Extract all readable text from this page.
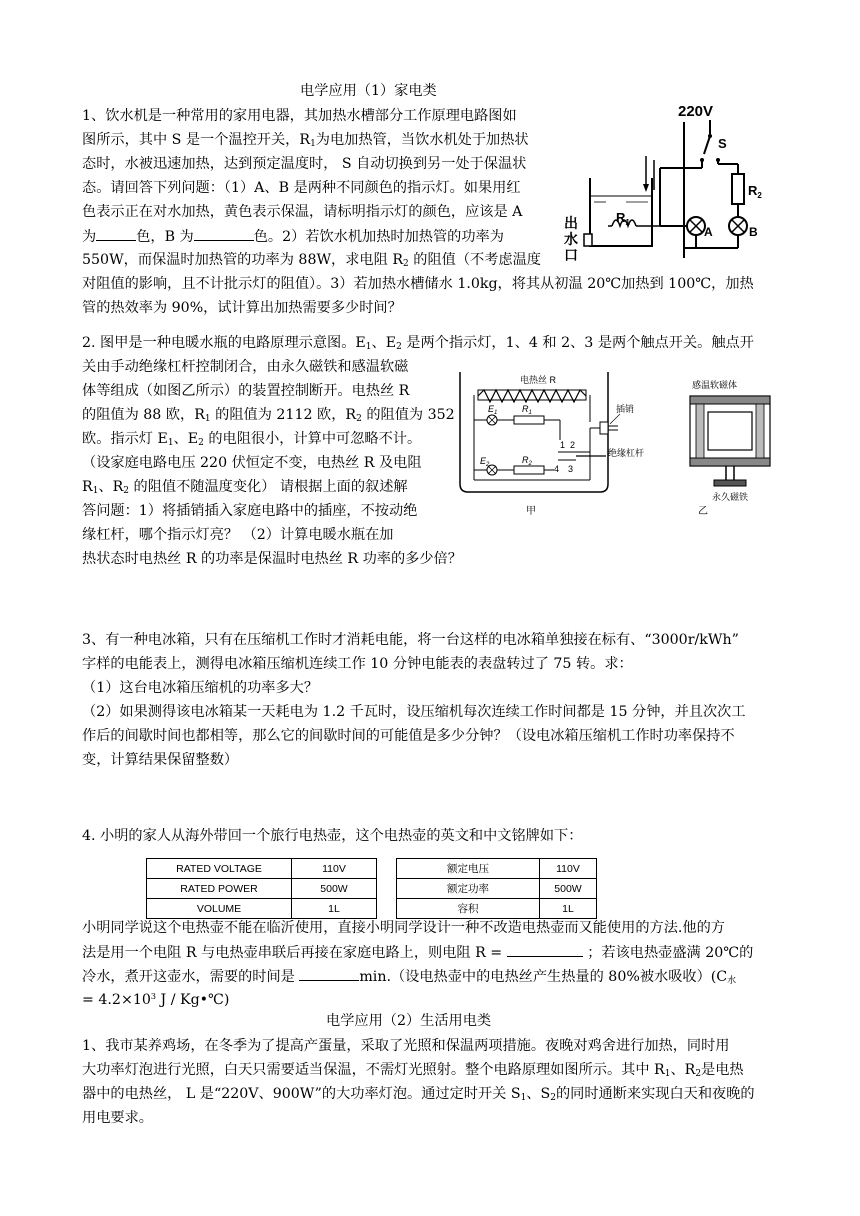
电学应用（1）家电类
1、饮水机是一种常用的家用电器，其加热水槽部分工作原理电路图如
图所示，其中 S 是一个温控开关，$R_1$为电加热管，当饮水机处于加热状
态时，水被迅速加热，达到预定温度时， S 自动切换到另一处于保温状
态。请回答下列问题：（1）A、B 是两种不同颜色的指示灯。如果用红
色表示正在对水加热，黄色表示保温，请标明指示灯的颜色，应该是 A
为	色，B 为	色。2）若饮水机加热时加热管的功率为
550W，而保温时加热管的功率为 88W，求电阻 $R_2$ 的阻值（不考虑温度
对阻值的影响，且不计批示灯的阻值）。3）若加热水槽储水 1.0kg，将其从初温 20℃加热到 100℃，加热
管的热效率为 90%，试计算出加热需要多少时间？
$R_1$
出
水
口
220V
S
$R_2$
A	B
2. 图甲是一种电暖水瓶的电路原理示意图。$E_1$、$E_2$ 是两个指示灯，1、4 和 2、3 是两个触点开关。触点开
关由手动绝缘杠杆控制闭合，由永久磁铁和感温软磁
体等组成（如图乙所示）的装置控制断开。电热丝 R
的阻值为 88 欧，$R_1$ 的阻值为 2112 欧，$R_2$ 的阻值为 352
欧。指示灯 $E_1$、$E_2$ 的电阻很小，计算中可忽略不计。
（设家庭电路电压 220 伏恒定不变，电热丝 R 及电阻
$R_1$、$R_2$ 的阻值不随温度变化） 请根据上面的叙述解
答问题：1）将插销插入家庭电路中的插座，不按动绝
缘杠杆，哪个指示灯亮？ （2）计算电暖水瓶在加
热状态时电热丝 R 的功率是保温时电热丝 R 功率的多少倍？
电热丝 R
$E_1$	$R_1$
1 2
3
4
插销
绝缘杠杆
$E_2$	$R_2$
甲
感温软磁体
永久磁铁
乙
3、有一种电冰箱，只有在压缩机工作时才消耗电能，将一台这样的电冰箱单独接在标有、“3000r/kWh”
字样的电能表上，测得电冰箱压缩机连续工作 10 分钟电能表的表盘转过了 75 转。求：
（1）这台电冰箱压缩机的功率多大？
（2）如果测得该电冰箱某一天耗电为 1.2 千瓦时，设压缩机每次连续工作时间都是 15 分钟，并且次次工
作后的间歇时间也都相等，那么它的间歇时间的可能值是多少分钟？（设电冰箱压缩机工作时功率保持不
变，计算结果保留整数）
4. 小明的家人从海外带回一个旅行电热壶，这个电热壶的英文和中文铭牌如下：
RATED VOLTAGE	110V
RATED POWER	500W
VOLUME	1L
额定电压	110V
额定功率	500W
容积	1L
小明同学说这个电热壶不能在临沂使用，直接小明同学设计一种不改造电热壶而又能使用的方法.他的方
法是用一个电阻 R 与电热壶串联后再接在家庭电路上，则电阻 R =	；若该电热壶盛满 20℃的
冷水，煮开这壶水，需要的时间是	min.（设电热壶中的电热丝产生热量的 80%被水吸收）($C_水$
= $4.2\times 10^3$ J / Kg•℃)
电学应用（2）生活用电类
1、我市某养鸡场，在冬季为了提高产蛋量，采取了光照和保温两项措施。夜晚对鸡舍进行加热，同时用
大功率灯泡进行光照，白天只需要适当保温，不需灯光照射。整个电路原理如图所示。其中 $R_1$、$R_2$是电热
器中的电热丝， L 是“220V、900W”的大功率灯泡。通过定时开关 $S_1$、$S_2$的同时通断来实现白天和夜晚的
用电要求。
